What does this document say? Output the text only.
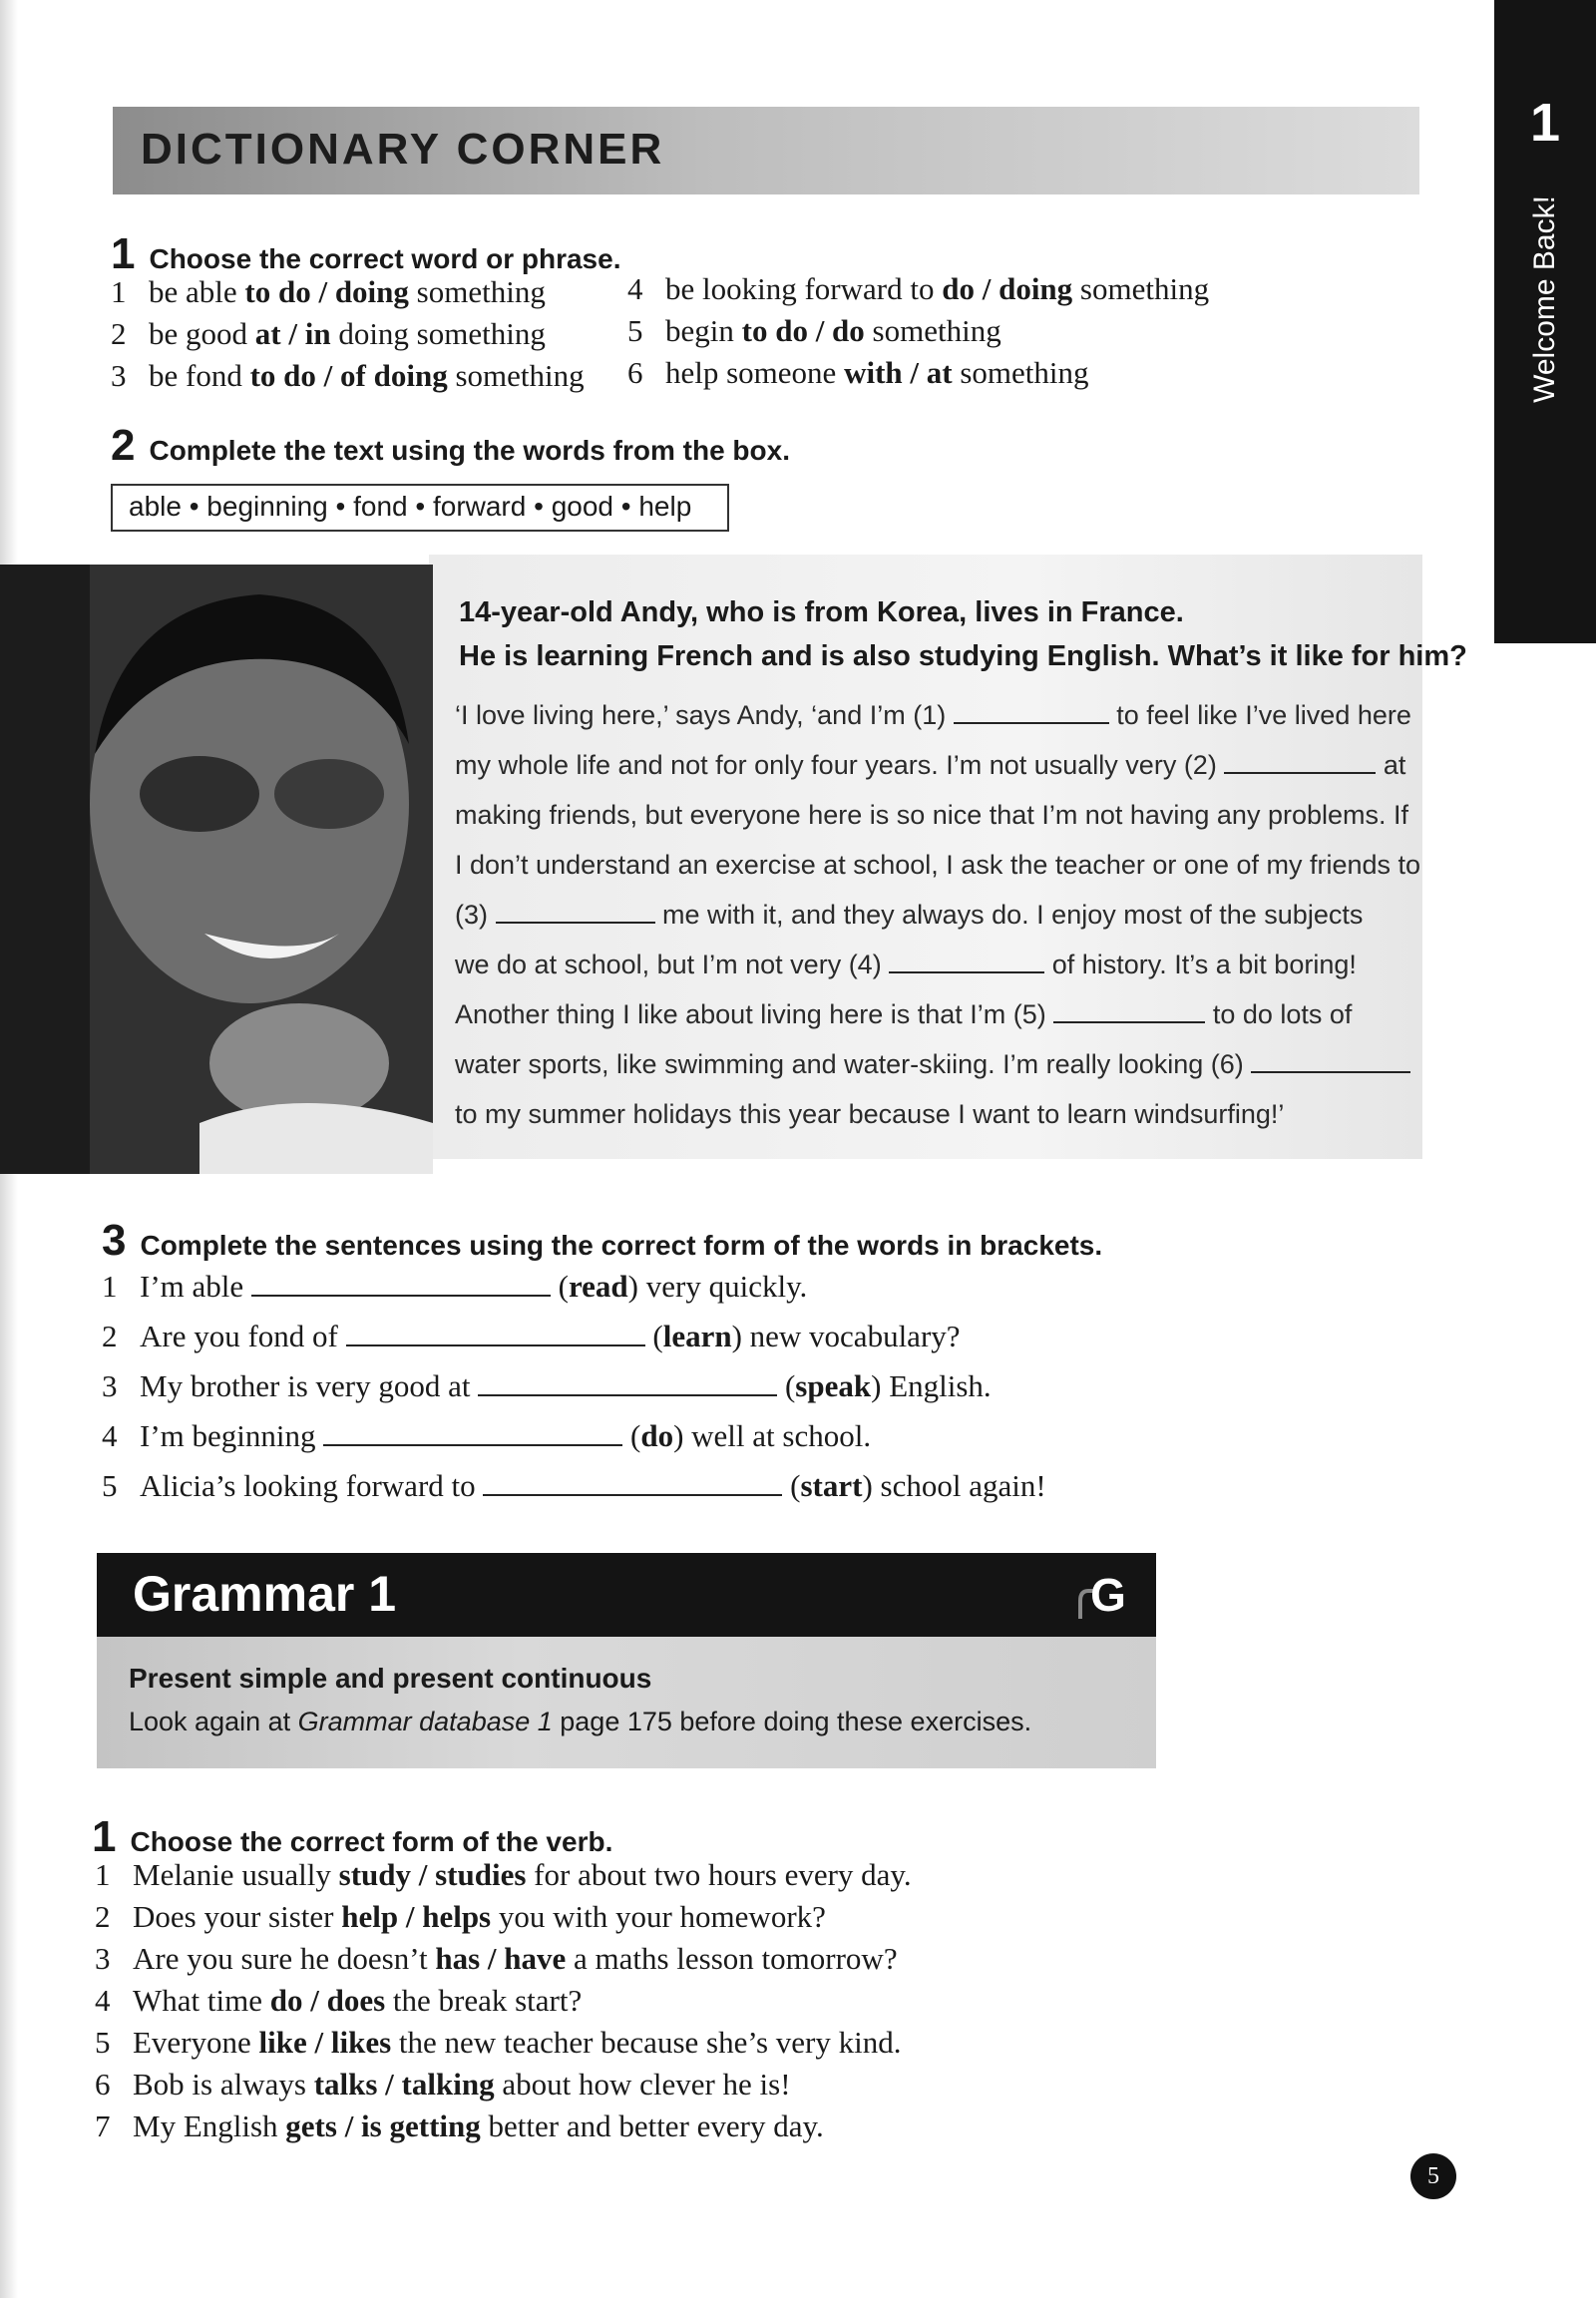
1
Welcome Back!
DICTIONARY CORNER
1 Choose the correct word or phrase.
1 be able to do / doing something
2 be good at / in doing something
3 be fond to do / of doing something
4 be looking forward to do / doing something
5 begin to do / do something
6 help someone with / at something
2 Complete the text using the words from the box.
able • beginning • fond • forward • good • help
14-year-old Andy, who is from Korea, lives in France.
He is learning French and is also studying English. What’s it like for him?
‘I love living here,’ says Andy, ‘and I’m (1)	to feel like I’ve lived here
my whole life and not for only four years. I’m not usually very (2)	at
making friends, but everyone here is so nice that I’m not having any problems. If
I don’t understand an exercise at school, I ask the teacher or one of my friends to
(3)	me with it, and they always do. I enjoy most of the subjects
we do at school, but I’m not very (4)	of history. It’s a bit boring!
Another thing I like about living here is that I’m (5)	to do lots of
water sports, like swimming and water-skiing. I’m really looking (6)
to my summer holidays this year because I want to learn windsurfing!’
3 Complete the sentences using the correct form of the words in brackets.
1 I’m able	(read) very quickly.
2 Are you fond of	(learn) new vocabulary?
3 My brother is very good at	(speak) English.
4 I’m beginning	(do) well at school.
5 Alicia’s looking forward to	(start) school again!
Grammar 1	G
Present simple and present continuous
Look again at Grammar database 1 page 175 before doing these exercises.
1 Choose the correct form of the verb.
1 Melanie usually study / studies for about two hours every day.
2 Does your sister help / helps you with your homework?
3 Are you sure he doesn’t has / have a maths lesson tomorrow?
4 What time do / does the break start?
5 Everyone like / likes the new teacher because she’s very kind.
6 Bob is always talks / talking about how clever he is!
7 My English gets / is getting better and better every day.
5
